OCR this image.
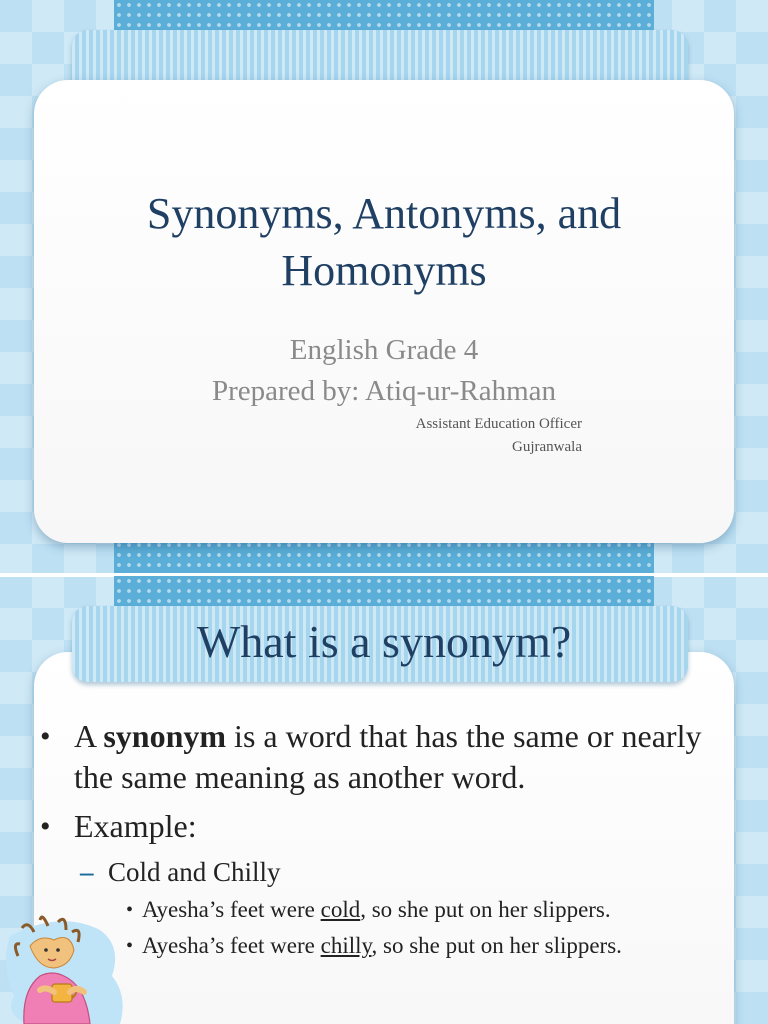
Synonyms, Antonyms, and
Homonyms

English Grade 4

Prepared by: Atiq-ur-Rahman

Assistant Education Officer

Gujranwala

What is a synonym?

• A synonym is a word that has the same or nearly the same meaning as another word.

• Example:

– Cold and Chilly

• Ayesha’s feet were cold, so she put on her slippers.

• Ayesha’s feet were chilly, so she put on her slippers.
